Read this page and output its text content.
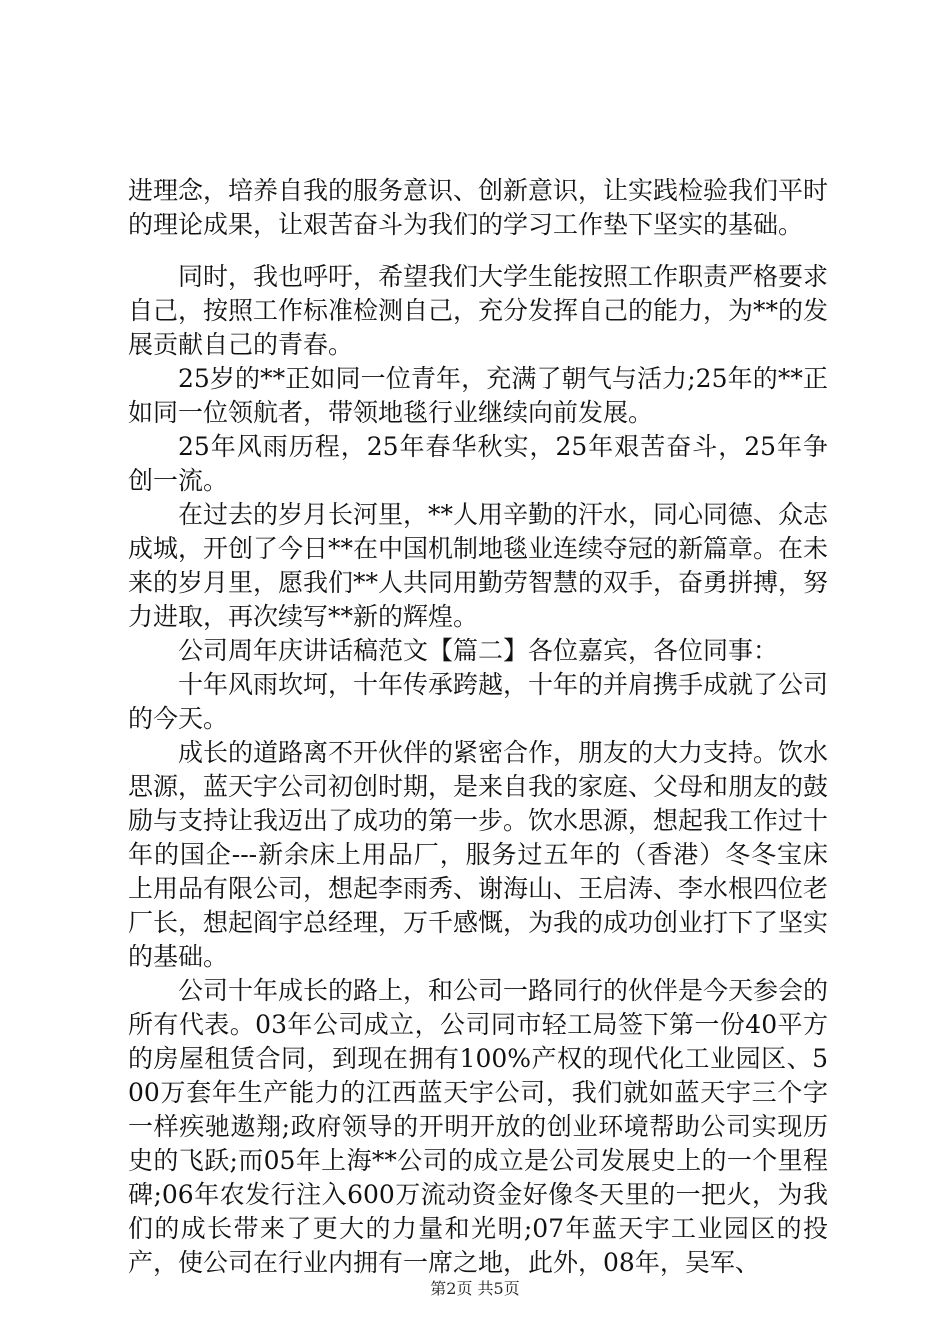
进理念，培养自我的服务意识、创新意识，让实践检验我们平时的理论成果，让艰苦奋斗为我们的学习工作垫下坚实的基础。

同时，我也呼吁，希望我们大学生能按照工作职责严格要求自己，按照工作标准检测自己，充分发挥自己的能力，为**的发展贡献自己的青春。

25岁的**正如同一位青年，充满了朝气与活力;25年的**正如同一位领航者，带领地毯行业继续向前发展。

25年风雨历程，25年春华秋实，25年艰苦奋斗，25年争创一流。

在过去的岁月长河里，**人用辛勤的汗水，同心同德、众志成城，开创了今日**在中国机制地毯业连续夺冠的新篇章。在未来的岁月里，愿我们**人共同用勤劳智慧的双手，奋勇拼搏，努力进取，再次续写**新的辉煌。

公司周年庆讲话稿范文【篇二】各位嘉宾，各位同事：

十年风雨坎坷，十年传承跨越，十年的并肩携手成就了公司的今天。

成长的道路离不开伙伴的紧密合作，朋友的大力支持。饮水思源，蓝天宇公司初创时期，是来自我的家庭、父母和朋友的鼓励与支持让我迈出了成功的第一步。饮水思源，想起我工作过十年的国企---新余床上用品厂，服务过五年的（香港）冬冬宝床上用品有限公司，想起李雨秀、谢海山、王启涛、李水根四位老厂长，想起阎宇总经理，万千感慨，为我的成功创业打下了坚实的基础。

公司十年成长的路上，和公司一路同行的伙伴是今天参会的所有代表。03年公司成立，公司同市轻工局签下第一份40平方的房屋租赁合同，到现在拥有100%产权的现代化工业园区、500万套年生产能力的江西蓝天宇公司，我们就如蓝天宇三个字一样疾驰遨翔;政府领导的开明开放的创业环境帮助公司实现历史的飞跃;而05年上海**公司的成立是公司发展史上的一个里程碑;06年农发行注入600万流动资金好像冬天里的一把火，为我们的成长带来了更大的力量和光明;07年蓝天宇工业园区的投产，使公司在行业内拥有一席之地，此外，08年，吴军、

第2页 共5页
